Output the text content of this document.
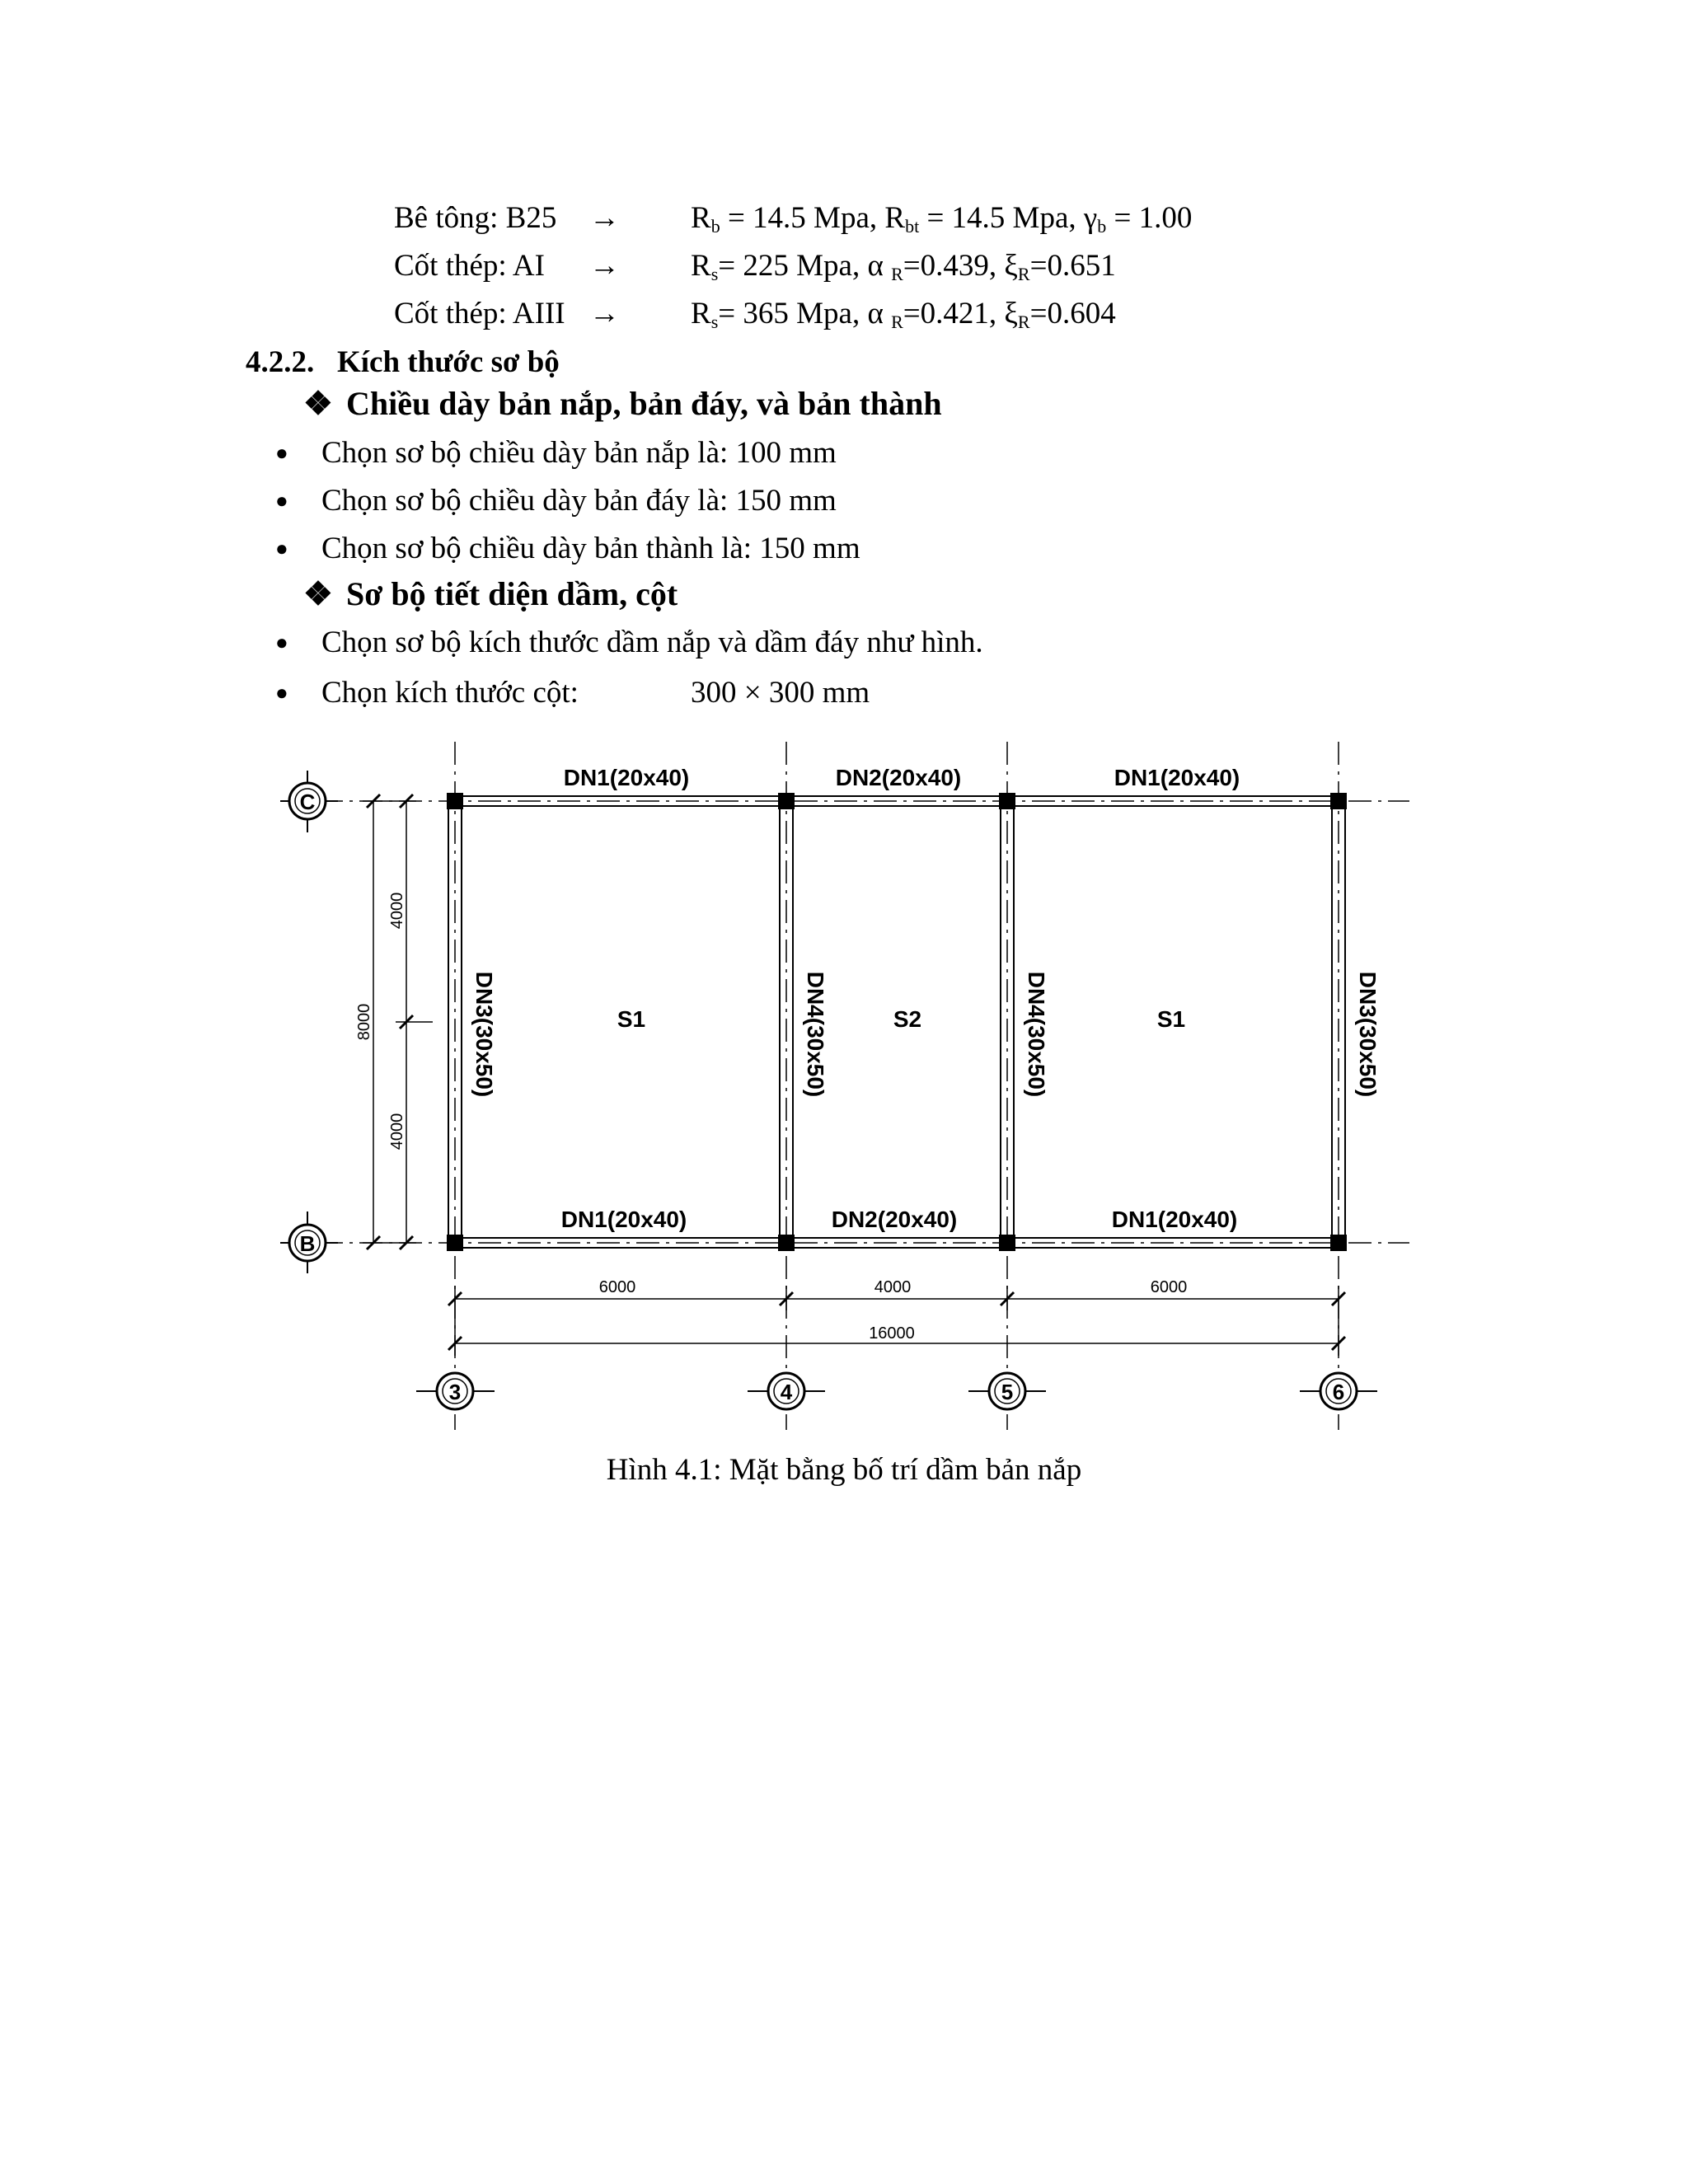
Bê tông: $B25 \to R_b = 14.5$ Mpa, $R_{bt} = 14.5$ Mpa, $\gamma_b = 1.00$
Cốt thép: AI → $R_s= 225$ Mpa, α $_R$=0.439, $\xi_R=0.651$
Cốt thép: AIII → $R_s= 365$ Mpa, α $_R$=0.421, $\xi_R=0.604$
4.2.2. Kích thước sơ bộ
❖ Chiều dày bản nắp, bản đáy, và bản thành
● Chọn sơ bộ chiều dày bản nắp là: 100 mm
● Chọn sơ bộ chiều dày bản đáy là: 150 mm
● Chọn sơ bộ chiều dày bản thành là: 150 mm
❖ Sơ bộ tiết diện dầm, cột
● Chọn sơ bộ kích thước dầm nắp và dầm đáy như hình.
● Chọn kích thước cột:	300 × 300 mm
C
B
3	4	5	6
DN1(20x40)	DN2(20x40)	DN1(20x40)
DN1(20x40)	DN2(20x40)	DN1(20x40)
DN3(30x50)	DN4(30x50)	DN4(30x50)	DN3(30x50)
S1	S2	S1
6000	4000	6000
16000
4000
4000
8000
Hình 4.1: Mặt bằng bố trí dầm bản nắp
